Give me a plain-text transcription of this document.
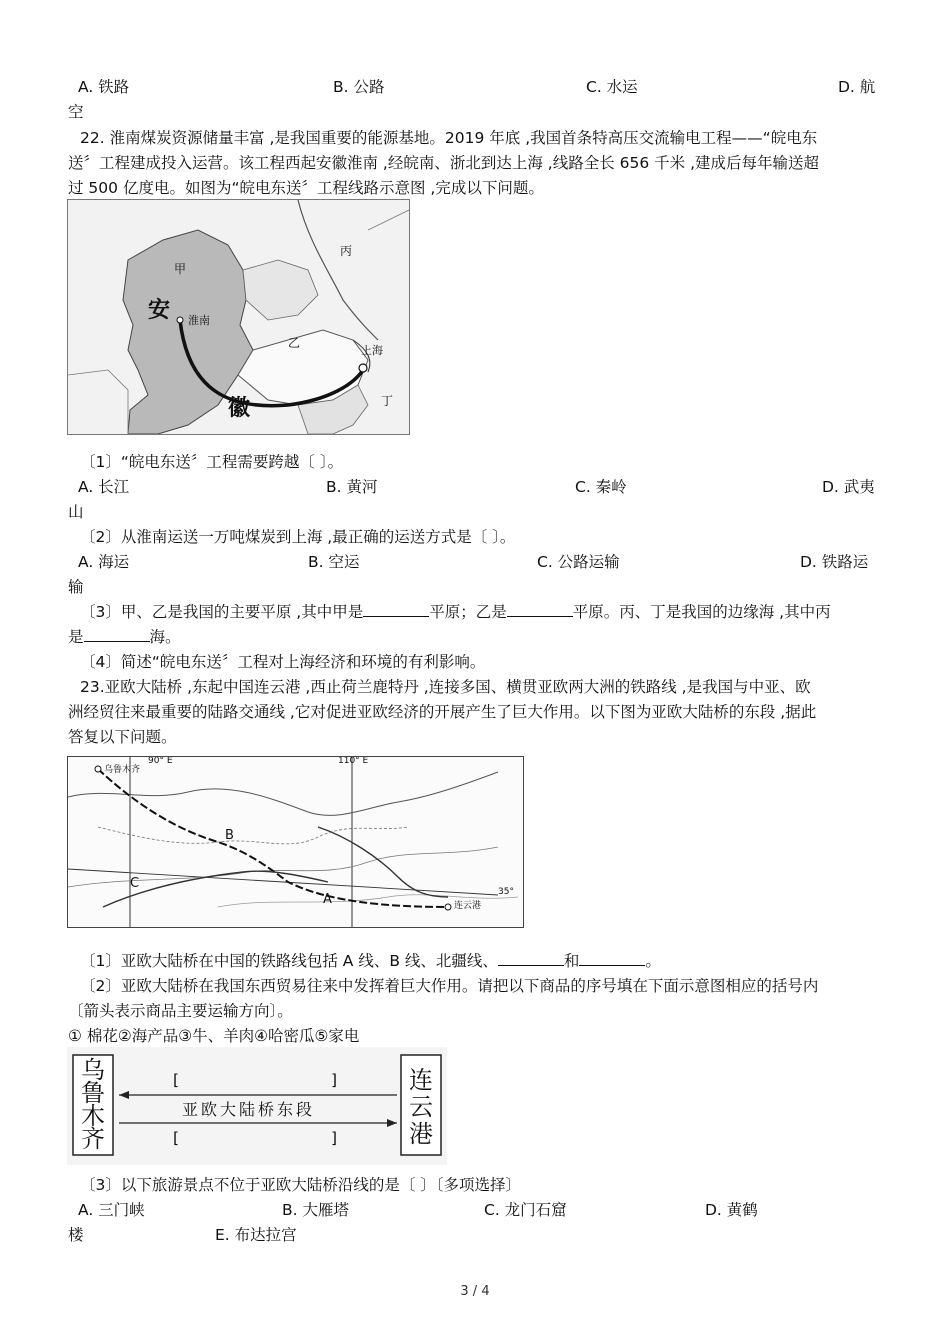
A. 铁路	B. 公路	C. 水运	D. 航
空
22. 淮南煤炭资源储量丰富 ,是我国重要的能源基地。2019 年底 ,我国首条特高压交流输电工程——“皖电东
送〞工程建成投入运营。该工程西起安徽淮南 ,经皖南、浙北到达上海 ,线路全长 656 千米 ,建成后每年输送超
过 500 亿度电。如图为“皖电东送〞工程线路示意图 ,完成以下问题。
甲
安 淮南
乙
丙
徽
上海
丁
〔1〕“皖电东送〞工程需要跨越〔 〕。
A. 长江	B. 黄河	C. 秦岭	D. 武夷
山
〔2〕从淮南运送一万吨煤炭到上海 ,最正确的运送方式是〔 〕。
A. 海运	B. 空运	C. 公路运输	D. 铁路运
输
〔3〕甲、乙是我国的主要平原 ,其中甲是	平原；乙是	平原。丙、丁是我国的边缘海 ,其中丙
是	海。
〔4〕简述“皖电东送〞工程对上海经济和环境的有利影响。
23.亚欧大陆桥 ,东起中国连云港 ,西止荷兰鹿特丹 ,连接多国、横贯亚欧两大洲的铁路线 ,是我国与中亚、欧
洲经贸往来最重要的陆路交通线 ,它对促进亚欧经济的开展产生了巨大作用。以下图为亚欧大陆桥的东段 ,据此
答复以下问题。
90° E	110° E
35°
乌鲁木齐
A
B
C
连云港
〔1〕亚欧大陆桥在中国的铁路线包括 A 线、B 线、北疆线、	和	。
〔2〕亚欧大陆桥在我国东西贸易往来中发挥着巨大作用。请把以下商品的序号填在下面示意图相应的括号内
〔箭头表示商品主要运输方向〕。
① 棉花②海产品③牛、羊肉④哈密瓜⑤家电
乌鲁木齐
连云港
亚欧大陆桥东段
[	]
[	]
〔3〕以下旅游景点不位于亚欧大陆桥沿线的是〔 〕〔多项选择〕
A. 三门峡	B. 大雁塔	C. 龙门石窟	D. 黄鹤
楼	E. 布达拉宫
3 / 4
